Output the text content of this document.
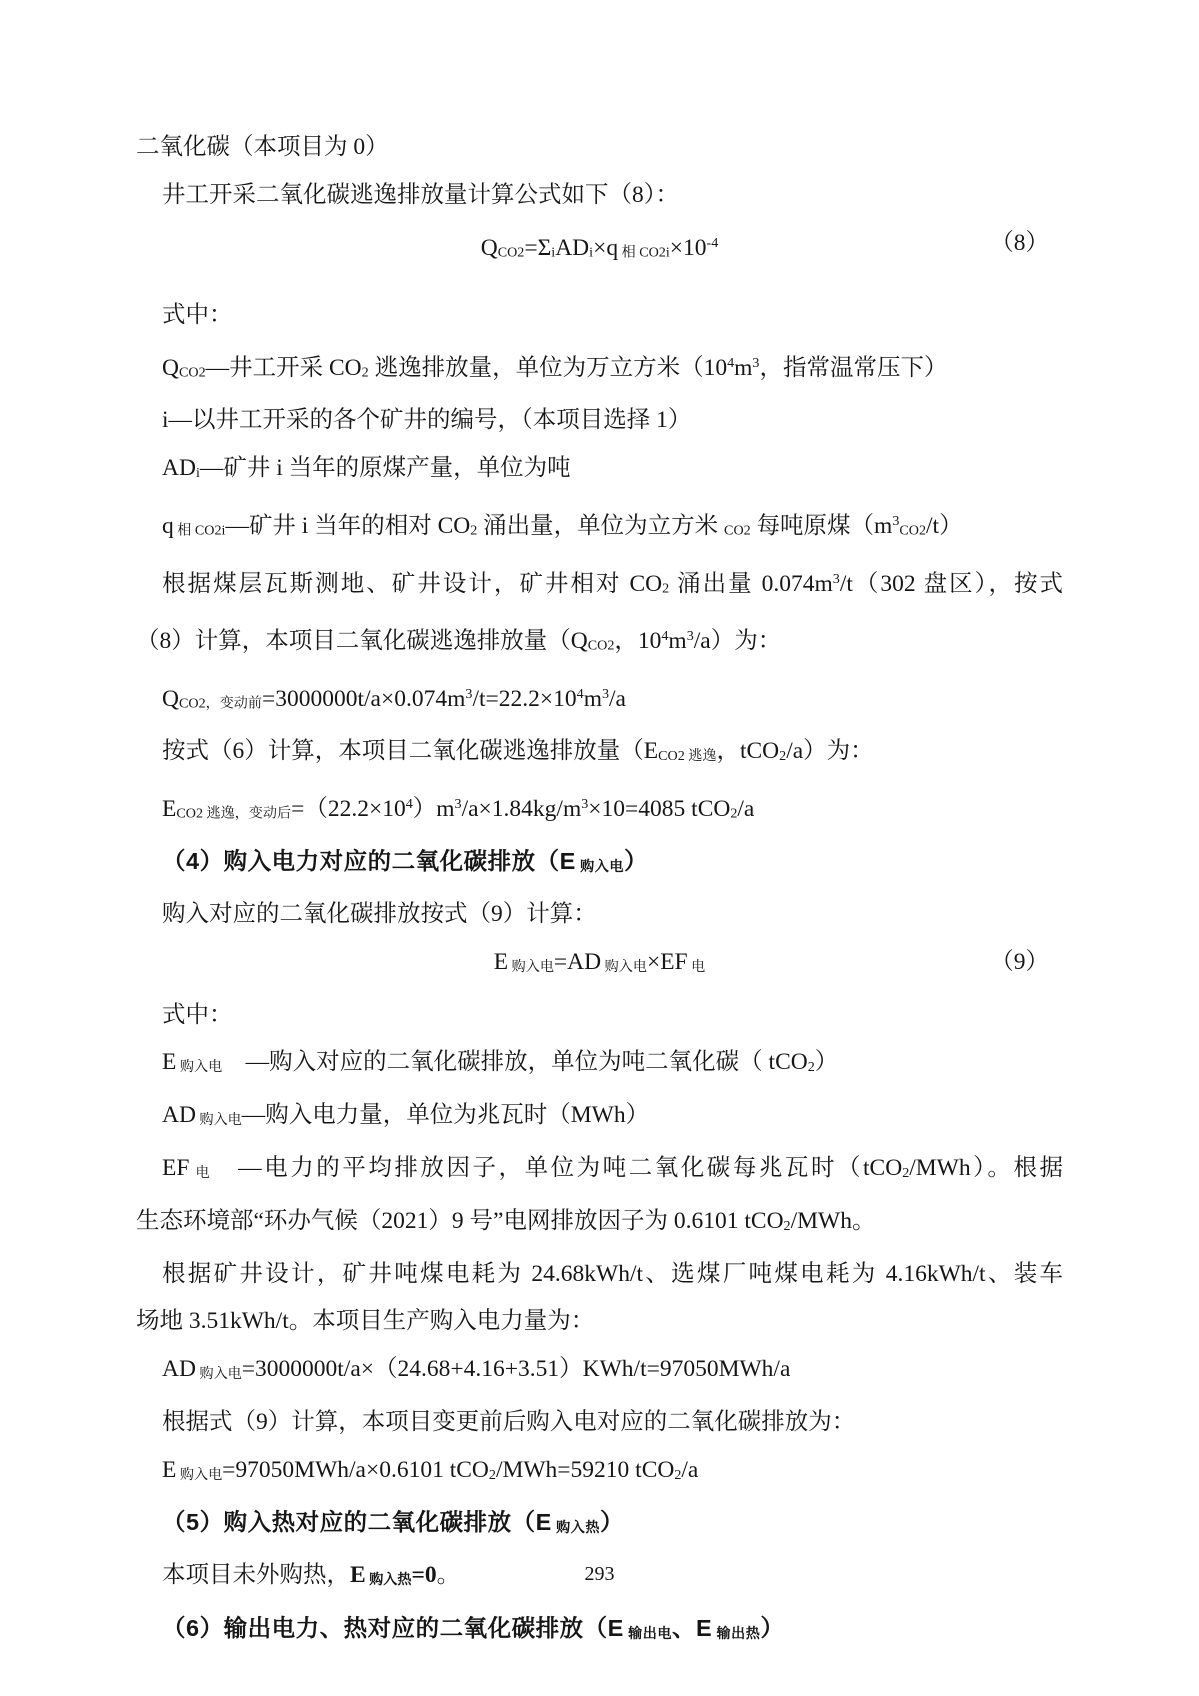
二氧化碳（本项目为 0）

井工开采二氧化碳逃逸排放量计算公式如下（8）：

QCO2=ΣiADi×q 相 $CO2i\times 10^{-4}$	（8）

式中：

QCO2—井工开采 CO2 逃逸排放量，单位为万立方米（$10^4m^3$，指常温常压下）

i—以井工开采的各个矿井的编号，（本项目选择 1）

ADi—矿井 i 当年的原煤产量，单位为吨

q 相 CO2i—矿井 i 当年的相对 CO2 涌出量，单位为立方米 CO2 每吨原煤$(m^3CO2/t)$

根据煤层瓦斯测地、矿井设计，矿井相对 CO2 涌出量 $0.074m^3/t(302$ 盘区），按式

（8）计算，本项目二氧化碳逃逸排放量（QCO2，$10^4m^3/a$）为：

QCO2，变动前$=3000000t/a\times 0.074m^3/t=22.2\times 10^4m^3/a$

按式（6）计算，本项目二氧化碳逃逸排放量（ECO2 逃逸，tCO2/a）为：

ECO2 逃逸，变动后$=(22.2\times 10^4)m^3/a\times 1.84kg/m^3\times 10=4085$ tCO2/a

（4）购入电力对应的二氧化碳排放（E 购入电）

购入对应的二氧化碳排放按式（9）计算：

E 购入电=AD 购入电×EF 电	（9）

式中：

E 购入电　—购入对应的二氧化碳排放，单位为吨二氧化碳（ tCO2）

AD 购入电—购入电力量，单位为兆瓦时（MWh）

EF 电　—电力的平均排放因子，单位为吨二氧化碳每兆瓦时（tCO2/MWh）。根据

生态环境部“环办气候（2021）9 号”电网排放因子为 0.6101 tCO2/MWh。

根据矿井设计，矿井吨煤电耗为 24.68kWh/t、选煤厂吨煤电耗为 4.16kWh/t、装车

场地 3.51kWh/t。本项目生产购入电力量为：

AD 购入电=3000000t/a×（24.68+4.16+3.51）KWh/t=97050MWh/a

根据式（9）计算，本项目变更前后购入电对应的二氧化碳排放为：

E 购入电=97050MWh/a×0.6101 tCO2/MWh=59210 tCO2/a

（5）购入热对应的二氧化碳排放（E 购入热）

本项目未外购热，E 购入热=0。

（6）输出电力、热对应的二氧化碳排放（E 输出电、E 输出热）

293
